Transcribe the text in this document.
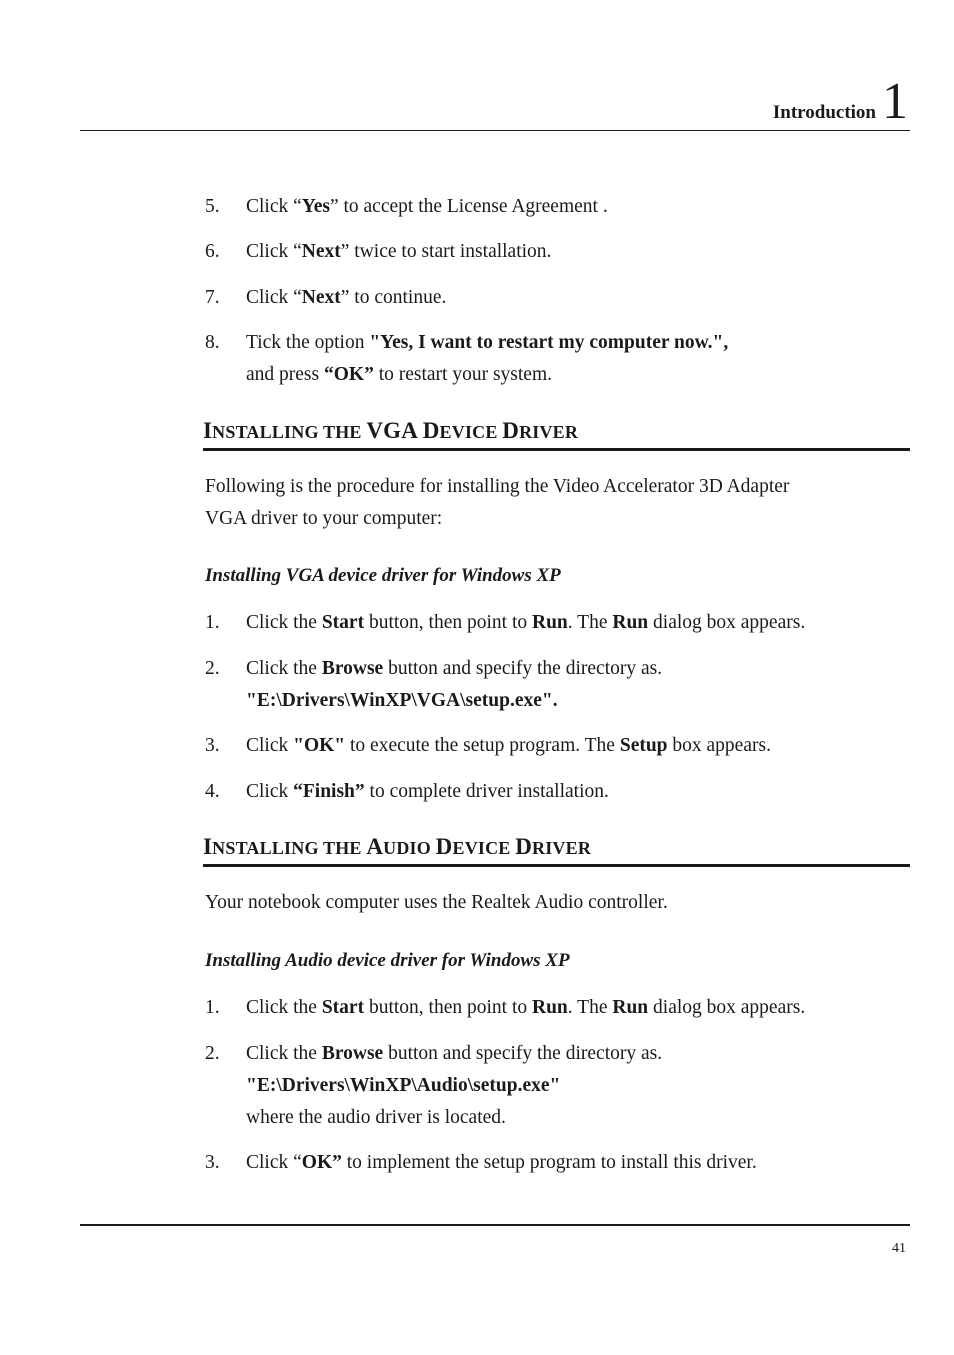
Introduction 1
5. Click “Yes” to accept the License Agreement .
6. Click “Next” twice to start installation.
7. Click “Next” to continue.
8. Tick the option "Yes, I want to restart my computer now.",
and press “OK” to restart your system.
INSTALLING THE VGA DEVICE DRIVER
Following is the procedure for installing the Video Accelerator 3D Adapter
VGA driver to your computer:
Installing VGA device driver for Windows XP
1. Click the Start button, then point to Run. The Run dialog box appears.
2. Click the Browse button and specify the directory as.
"E:\Drivers\WinXP\VGA\setup.exe".
3. Click "OK" to execute the setup program. The Setup box appears.
4. Click “Finish” to complete driver installation.
INSTALLING THE AUDIO DEVICE DRIVER
Your notebook computer uses the Realtek Audio controller.
Installing Audio device driver for Windows XP
1. Click the Start button, then point to Run. The Run dialog box appears.
2. Click the Browse button and specify the directory as.
"E:\Drivers\WinXP\Audio\setup.exe"
where the audio driver is located.
3. Click “OK” to implement the setup program to install this driver.
41
